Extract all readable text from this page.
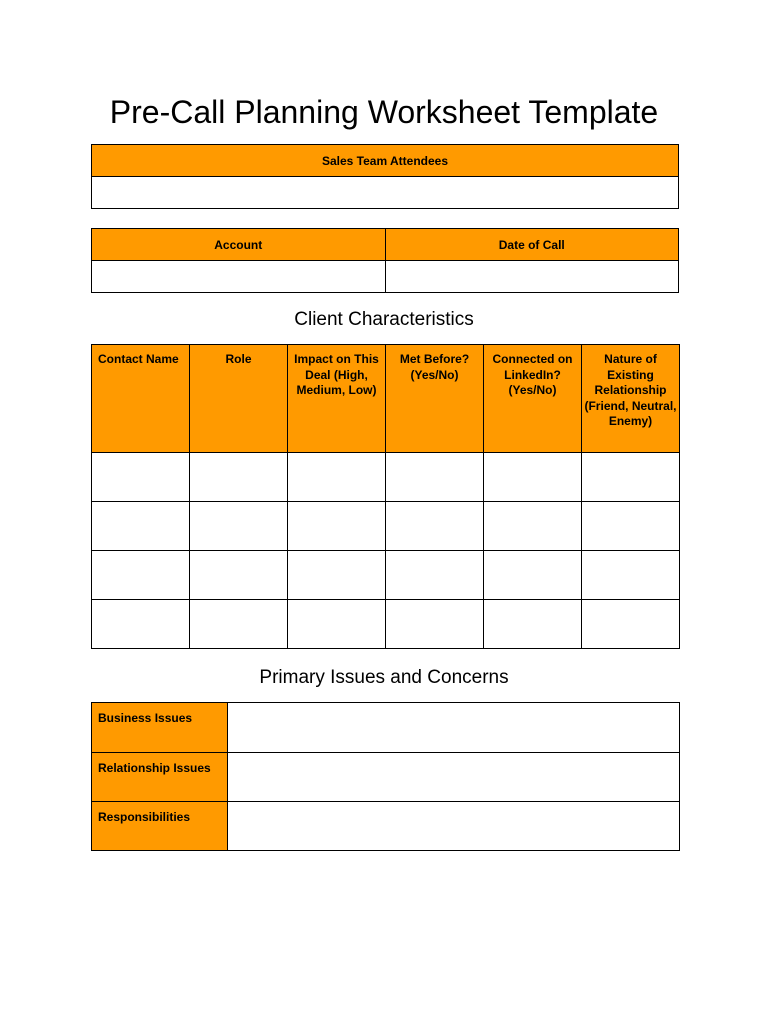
Pre-Call Planning Worksheet Template
Sales Team Attendees

Account	Date of Call

Client Characteristics
Contact Name	Role	Impact on This Deal (High, Medium, Low)	Met Before? (Yes/No)	Connected on LinkedIn? (Yes/No)	Nature of Existing Relationship (Friend, Neutral, Enemy)

Primary Issues and Concerns
Business Issues	
Relationship Issues	
Responsibilities	
